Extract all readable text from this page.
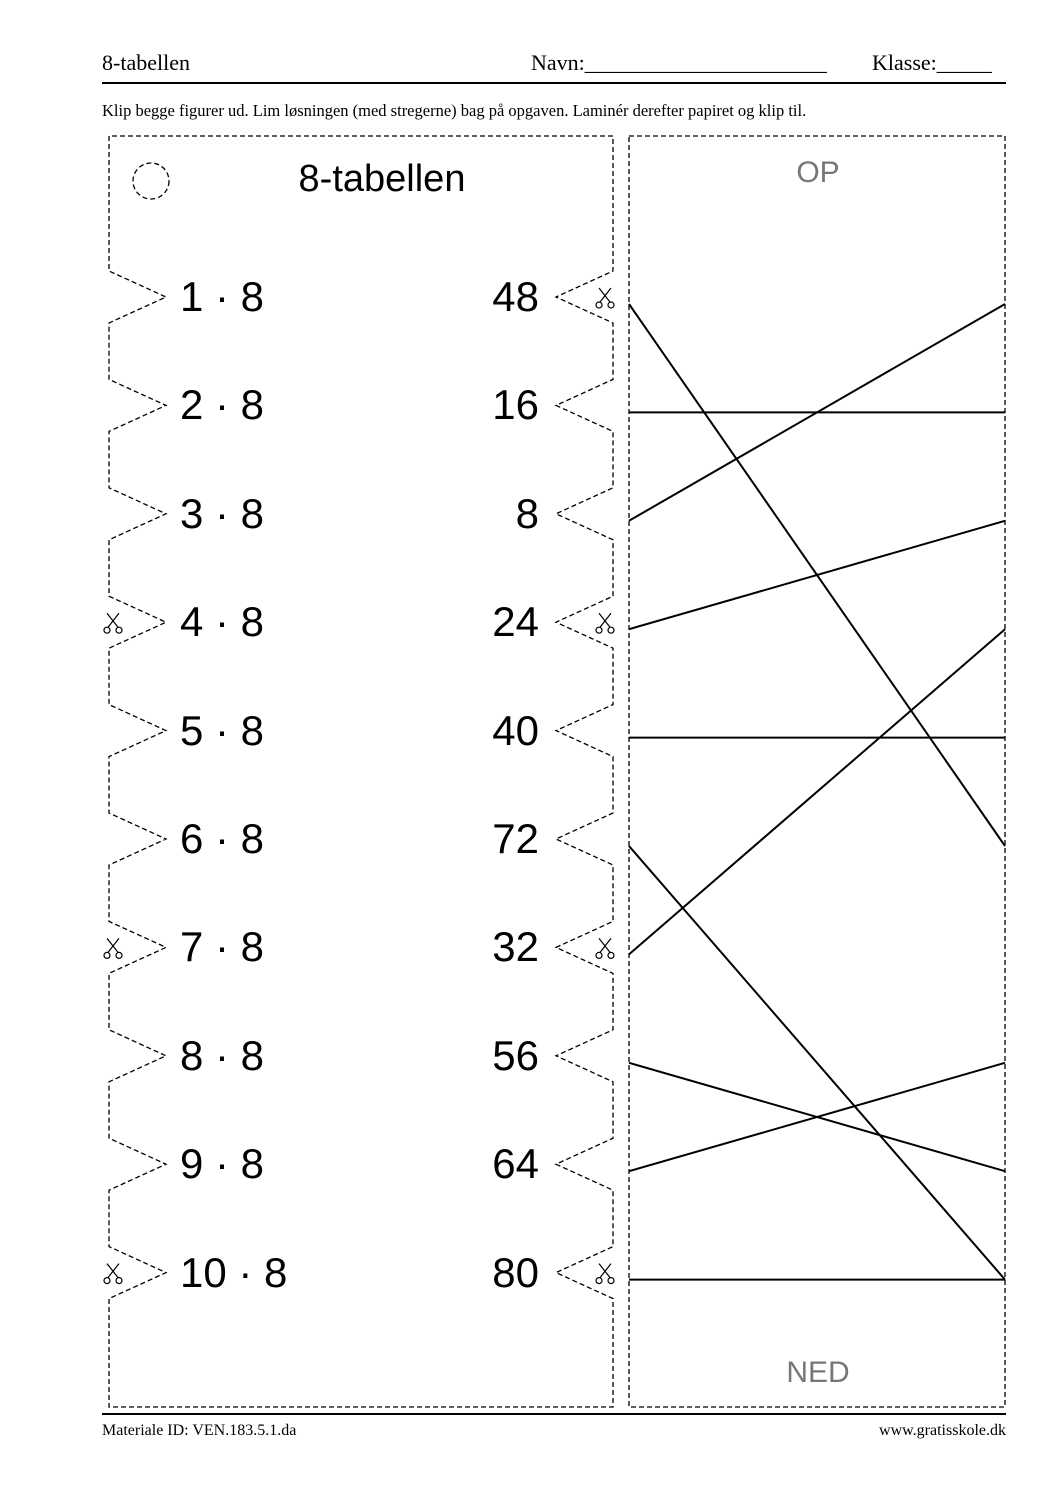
8-tabellen	Navn:______________________ Klasse:_____
Klip begge figurer ud. Lim løsningen (med stregerne) bag på opgaven. Laminér derefter papiret og klip til.
8-tabellen
1 · 8
2 · 8
3 · 8
4 · 8
5 · 8
6 · 8
7 · 8
8 · 8
9 · 8
10 · 8
48
16
8
24
40
72
32
56
64
80
OP
NED
Materiale ID: VEN.183.5.1.da	www.gratisskole.dk
